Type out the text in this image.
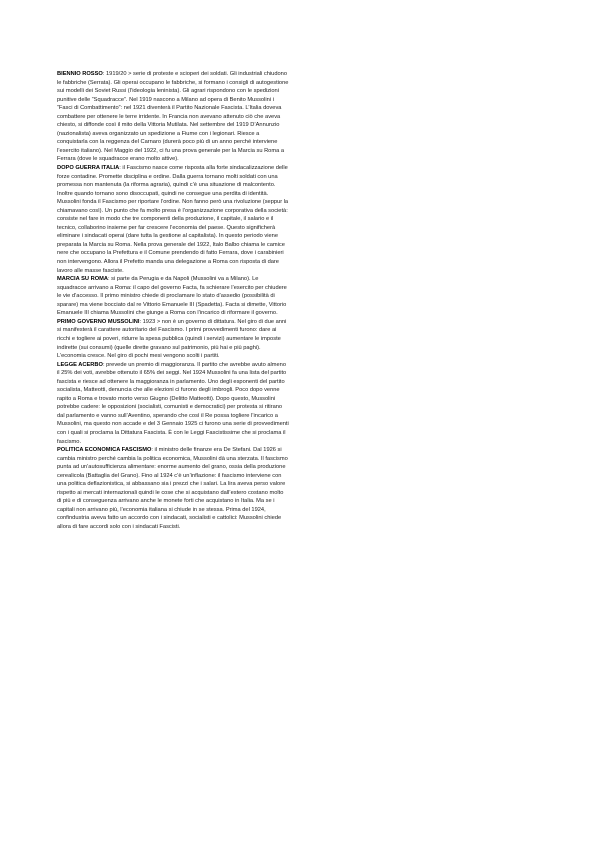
BIENNIO ROSSO: 1919/20 > serie di proteste e scioperi dei soldati. Gli industriali chiudono le fabbriche (Serrata). Gli operai occupano le fabbriche, si formano i consigli di autogestione sui modelli dei Soviet Russi (l’ideologia leninista). Gli agrari rispondono con le spedizioni punitive delle “Squadracce”. Nel 1919 nascono a Milano ad opera di Benito Mussolini i “Fasci di Combattimento”: nel 1921 diventerà il Partito Nazionale Fascista. L’Italia doveva combattere per ottenere le terre irridente. In Francia non avevano attenuto ciò che aveva chiesto, si diffonde così il mito della Vittoria Mutilata. Nel settembre del 1919 D’Annunzio (nazionalista) aveva organizzato un spedizione a Fiume con i legionari. Riesce a conquistarla con la reggenza del Carnaro (durerà poco più di un anno perché interviene l’esercito italiano). Nel Maggio del 1922, ci fu una prova generale per la Marcia su Roma a Ferrara (dove le squadracce erano molto attive).

DOPO GUERRA ITALIA: il Fascismo nasce come risposta alla forte sindacalizzazione delle forze contadine. Promette disciplina e ordine. Dalla guerra tornano molti soldati con una promessa non mantenuta (la riforma agraria), quindi c’è una situazione di malcontento. Inoltre quando tornano sono disoccupati, quindi ne consegue una perdita di identità. Mussolini fonda il Fascismo per riportare l’ordine. Non fanno però una rivoluzione (seppur la chiamavano così). Un punto che fa molto presa è l’organizzazione corporativa della società: consiste nel fare in modo che tre componenti della produzione, il capitale, il salario e il tecnico, collaborino insieme per far crescere l’economia del paese. Questo significherà eliminare i sindacati operai (dare tutta la gestione al capitalista). In questo periodo viene preparata la Marcia su Roma. Nella prova generale del 1922, Italo Balbo chiama le camice nere che occupano la Prefettura e il Comune prendendo di fatto Ferrara, dove i carabinieri non intervengono. Allora il Prefetto manda una delegazione a Roma con risposta di dare lavoro alle masse fasciste.

MARCIA SU ROMA: si parte da Perugia e da Napoli (Mussolini va a Milano). Le squadracce arrivano a Roma: il capo del governo Facta, fa schierare l’esercito per chiudere le vie d’accesso. Il primo ministro chiede di proclamare lo stato d’assedio (possibilità di sparare) ma viene bocciato dal re Vittorio Emanuele III (Spadetta). Facta si dimette, Vittorio Emanuele III chiama Mussolini che giunge a Roma con l’incarico di riformare il governo.

PRIMO GOVERNO MUSSOLINI: 1923 > non è un governo di dittatura. Nel giro di due anni si manifesterà il carattere autoritario del Fascismo. I primi provvedimenti furono: dare ai ricchi e togliere ai poveri, ridurre la spesa pubblica (quindi i servizi) aumentare le imposte indirette (sui consumi) (quelle dirette gravano sul patrimonio, più hai e più paghi). L’economia cresce. Nel giro di pochi mesi vengono scolti i partiti.

LEGGE ACERBO: prevede un premio di maggioranza. Il partito che avrebbe avuto almeno il 25% dei voti, avrebbe ottenuto il 65% dei seggi. Nel 1924 Mussolini fa una lista del partito fascista e riesce ad ottenere la maggioranza in parlamento. Uno degli esponenti del partito socialista, Matteotti, denuncia che alle elezioni ci furono degli imbrogli. Poco dopo venne rapito a Roma e trovato morto verso Giugno (Delitto Matteotti). Dopo questo, Mussolini potrebbe cadere: le opposizioni (socialisti, comunisti e democratici) per protesta si ritirano dal parlamento e vanno sull’Aventino, sperando che così il Re possa togliere l’incarico a Mussolini, ma questo non accade e del 3 Gennaio 1925 ci furono una serie di provvedimenti con i quali si proclama la Dittatura Fascista. È con le Leggi Fascistissime che si proclama il fascismo.

POLITICA ECONOMICA FASCISMO: il ministro delle finanze era De Stefani. Dal 1926 si cambia ministro perché cambia la politica economica, Mussolini dà una sterzata. Il fascismo punta ad un’autosufficienza alimentare: enorme aumento del grano, ossia della produzione cerealicola (Battaglia del Grano). Fino al 1924 c’è un’inflazione: il fascismo interviene con una politica deflazionistica, si abbassano sia i prezzi che i salari. La lira aveva perso valore rispetto ai mercati internazionali quindi le cose che si acquistano dall’estero costano molto di più e di conseguenza arrivano anche le monete forti che acquistano in Italia. Ma se i capitali non arrivano più, l’economia italiana si chiude in se stessa. Prima del 1924, confindustria aveva fatto un accordo con i sindacati, socialisti e cattolici: Mussolini chiede allora di fare accordi solo con i sindacati Fascisti.
